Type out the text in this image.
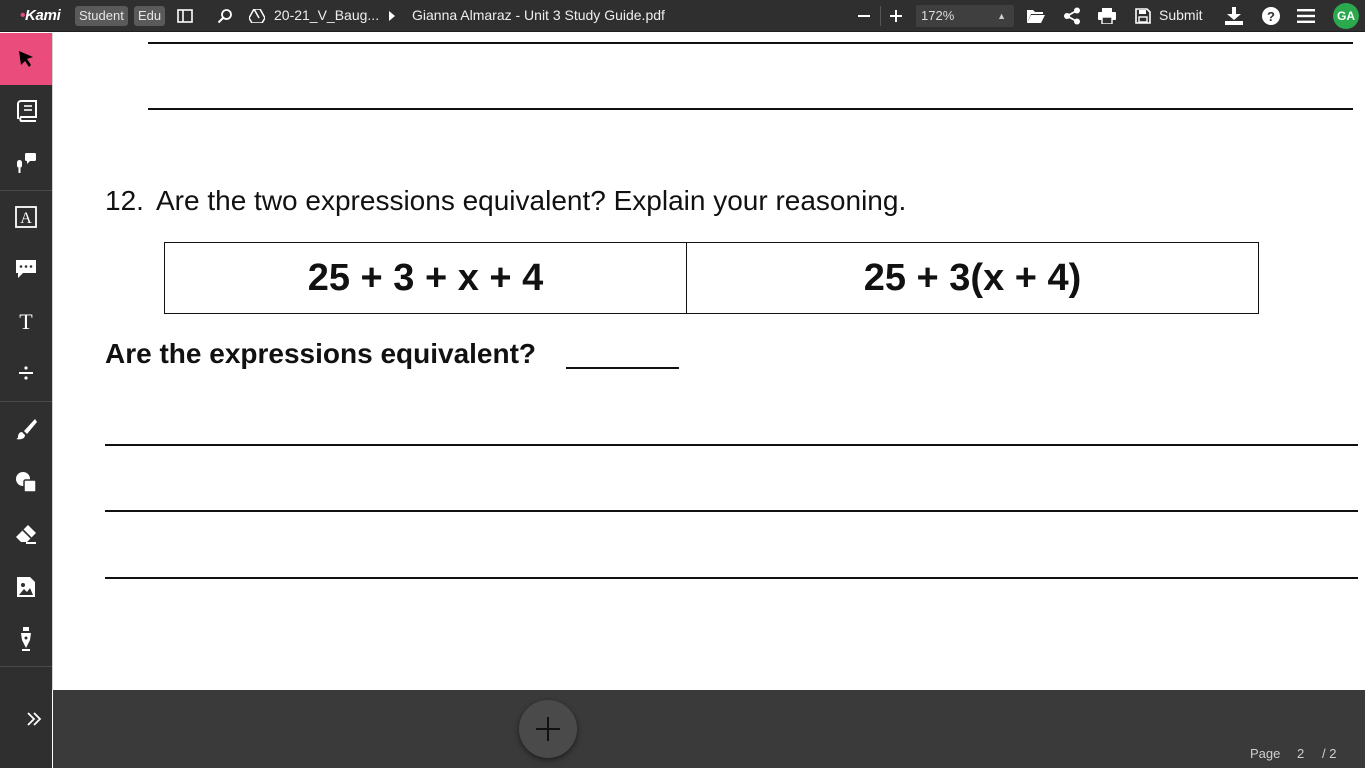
•Kami	Student	Edu	20-21_V_Baug... Gianna Almaraz - Unit 3 Study Guide.pdf	172%	▲	Submit	?	GA
A
T
12. Are the two expressions equivalent? Explain your reasoning.
25 + 3 + x + 4	25 + 3(x + 4)
Are the expressions equivalent?
Page 2 / 2
